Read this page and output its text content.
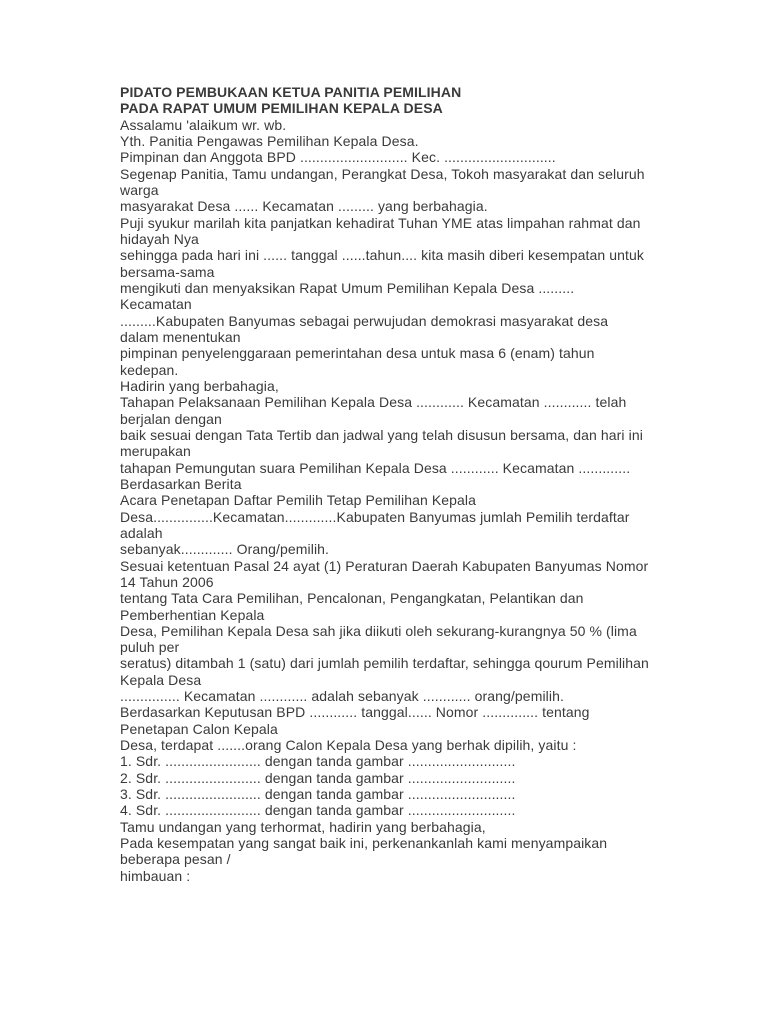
PIDATO PEMBUKAAN KETUA PANITIA PEMILIHAN
PADA RAPAT UMUM PEMILIHAN KEPALA DESA
Assalamu 'alaikum wr. wb.
Yth. Panitia Pengawas Pemilihan Kepala Desa.
Pimpinan dan Anggota BPD ........................... Kec. ............................
Segenap Panitia, Tamu undangan, Perangkat Desa, Tokoh masyarakat dan seluruh
warga
masyarakat Desa ...... Kecamatan ......... yang berbahagia.
Puji syukur marilah kita panjatkan kehadirat Tuhan YME atas limpahan rahmat dan
hidayah Nya
sehingga pada hari ini ...... tanggal ......tahun.... kita masih diberi kesempatan untuk
bersama-sama
mengikuti dan menyaksikan Rapat Umum Pemilihan Kepala Desa .........
Kecamatan
.........Kabupaten Banyumas sebagai perwujudan demokrasi masyarakat desa
dalam menentukan
pimpinan penyelenggaraan pemerintahan desa untuk masa 6 (enam) tahun
kedepan.
Hadirin yang berbahagia,
Tahapan Pelaksanaan Pemilihan Kepala Desa ............ Kecamatan ............ telah
berjalan dengan
baik sesuai dengan Tata Tertib dan jadwal yang telah disusun bersama, dan hari ini
merupakan
tahapan Pemungutan suara Pemilihan Kepala Desa ............ Kecamatan .............
Berdasarkan Berita
Acara Penetapan Daftar Pemilih Tetap Pemilihan Kepala
Desa...............Kecamatan.............Kabupaten Banyumas jumlah Pemilih terdaftar
adalah
sebanyak............. Orang/pemilih.
Sesuai ketentuan Pasal 24 ayat (1) Peraturan Daerah Kabupaten Banyumas Nomor
14 Tahun 2006
tentang Tata Cara Pemilihan, Pencalonan, Pengangkatan, Pelantikan dan
Pemberhentian Kepala
Desa, Pemilihan Kepala Desa sah jika diikuti oleh sekurang-kurangnya 50 % (lima
puluh per
seratus) ditambah 1 (satu) dari jumlah pemilih terdaftar, sehingga qourum Pemilihan
Kepala Desa
............... Kecamatan ............ adalah sebanyak ............ orang/pemilih.
Berdasarkan Keputusan BPD ............ tanggal...... Nomor .............. tentang
Penetapan Calon Kepala
Desa, terdapat .......orang Calon Kepala Desa yang berhak dipilih, yaitu :
1. Sdr. ........................ dengan tanda gambar ...........................
2. Sdr. ........................ dengan tanda gambar ...........................
3. Sdr. ........................ dengan tanda gambar ...........................
4. Sdr. ........................ dengan tanda gambar ...........................
Tamu undangan yang terhormat, hadirin yang berbahagia,
Pada kesempatan yang sangat baik ini, perkenankanlah kami menyampaikan
beberapa pesan /
himbauan :
